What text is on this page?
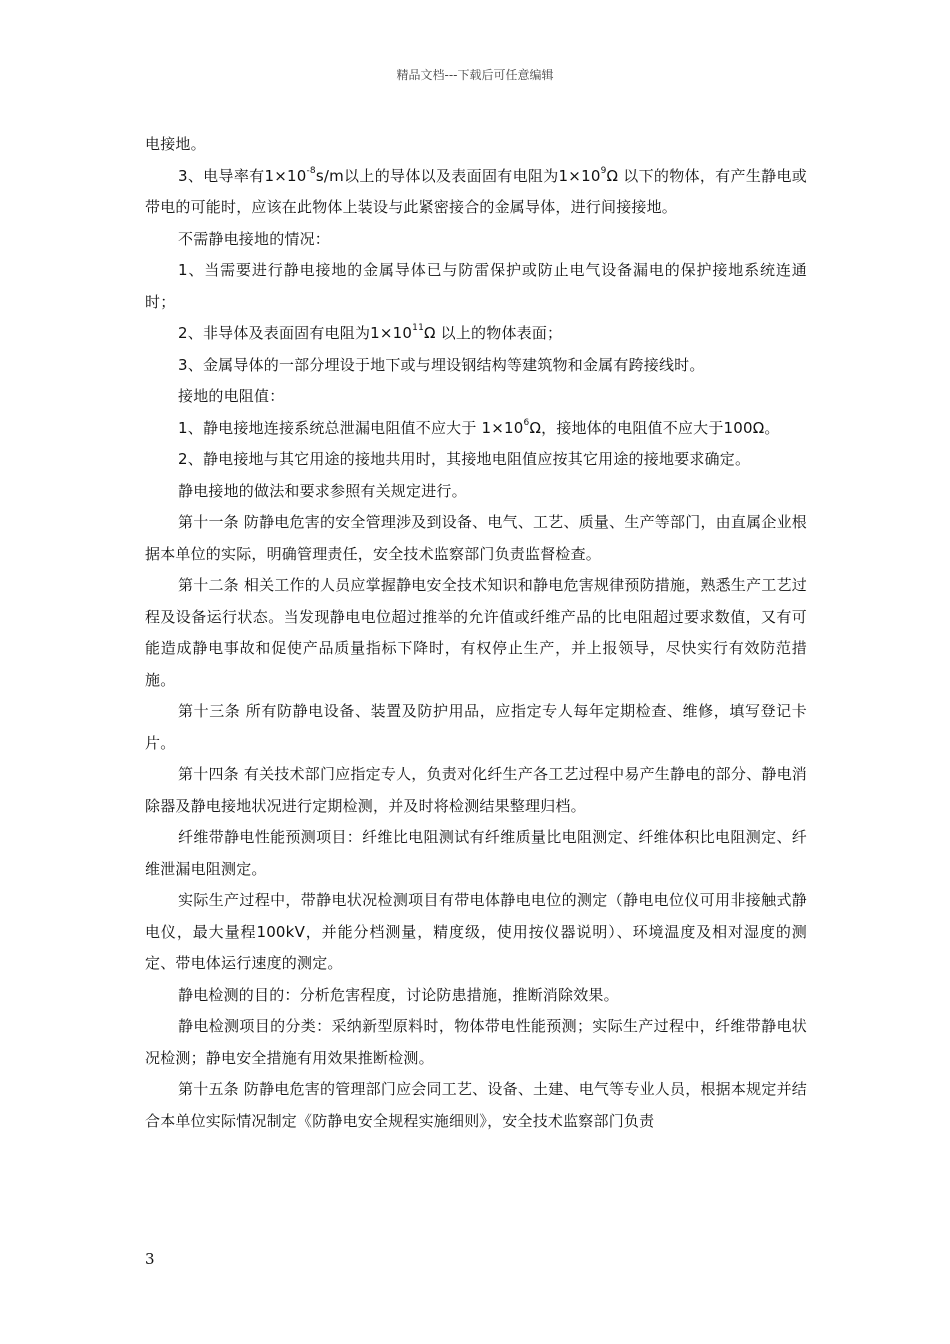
精品文档---下载后可任意编辑

电接地。

3、电导率有$1\times 10^{-8}s/m$以上的导体以及表面固有电阻为$1\times 10^9\Omega$ 以下的物体，有产生静电或带电的可能时，应该在此物体上装设与此紧密接合的金属导体，进行间接接地。

不需静电接地的情况：

1、当需要进行静电接地的金属导体已与防雷保护或防止电气设备漏电的保护接地系统连通时；

2、非导体及表面固有电阻为$1\times 10^{11}\Omega$ 以上的物体表面；

3、金属导体的一部分埋设于地下或与埋设钢结构等建筑物和金属有跨接线时。

接地的电阻值：

1、静电接地连接系统总泄漏电阻值不应大于 $1\times 10^6\Omega$，接地体的电阻值不应大于100Ω。

2、静电接地与其它用途的接地共用时，其接地电阻值应按其它用途的接地要求确定。

静电接地的做法和要求参照有关规定进行。

第十一条 防静电危害的安全管理涉及到设备、电气、工艺、质量、生产等部门，由直属企业根据本单位的实际，明确管理责任，安全技术监察部门负责监督检查。

第十二条 相关工作的人员应掌握静电安全技术知识和静电危害规律预防措施，熟悉生产工艺过程及设备运行状态。当发现静电电位超过推举的允许值或纤维产品的比电阻超过要求数值，又有可能造成静电事故和促使产品质量指标下降时，有权停止生产，并上报领导，尽快实行有效防范措施。

第十三条 所有防静电设备、装置及防护用品，应指定专人每年定期检查、维修，填写登记卡片。

第十四条 有关技术部门应指定专人，负责对化纤生产各工艺过程中易产生静电的部分、静电消除器及静电接地状况进行定期检测，并及时将检测结果整理归档。

纤维带静电性能预测项目：纤维比电阻测试有纤维质量比电阻测定、纤维体积比电阻测定、纤维泄漏电阻测定。

实际生产过程中，带静电状况检测项目有带电体静电电位的测定（静电电位仪可用非接触式静电仪，最大量程100kV，并能分档测量，精度级，使用按仪器说明）、环境温度及相对湿度的测定、带电体运行速度的测定。

静电检测的目的：分析危害程度，讨论防患措施，推断消除效果。

静电检测项目的分类：采纳新型原料时，物体带电性能预测；实际生产过程中，纤维带静电状况检测；静电安全措施有用效果推断检测。

第十五条 防静电危害的管理部门应会同工艺、设备、土建、电气等专业人员，根据本规定并结合本单位实际情况制定《防静电安全规程实施细则》，安全技术监察部门负责

3
